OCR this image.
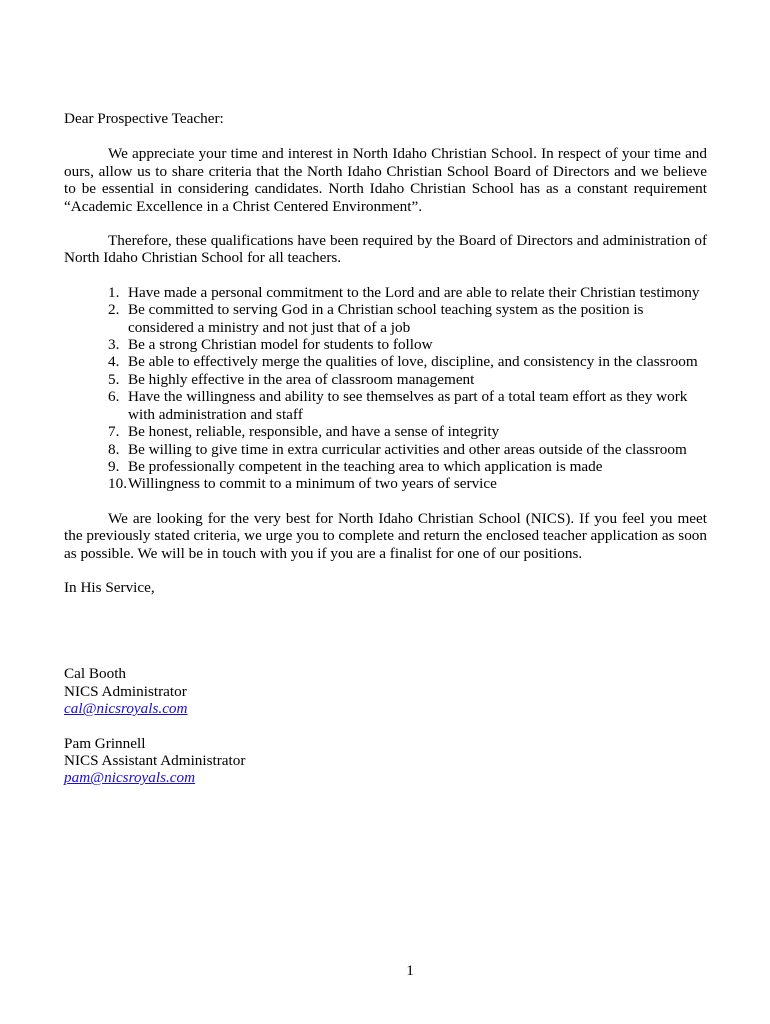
Dear Prospective Teacher:

We appreciate your time and interest in North Idaho Christian School. In respect of your time and ours, allow us to share criteria that the North Idaho Christian School Board of Directors and we believe to be essential in considering candidates. North Idaho Christian School has as a constant requirement “Academic Excellence in a Christ Centered Environment”.

Therefore, these qualifications have been required by the Board of Directors and administration of North Idaho Christian School for all teachers.

1. Have made a personal commitment to the Lord and are able to relate their Christian testimony
2. Be committed to serving God in a Christian school teaching system as the position is considered a ministry and not just that of a job
3. Be a strong Christian model for students to follow
4. Be able to effectively merge the qualities of love, discipline, and consistency in the classroom
5. Be highly effective in the area of classroom management
6. Have the willingness and ability to see themselves as part of a total team effort as they work with administration and staff
7. Be honest, reliable, responsible, and have a sense of integrity
8. Be willing to give time in extra curricular activities and other areas outside of the classroom
9. Be professionally competent in the teaching area to which application is made
10. Willingness to commit to a minimum of two years of service

We are looking for the very best for North Idaho Christian School (NICS). If you feel you meet the previously stated criteria, we urge you to complete and return the enclosed teacher application as soon as possible. We will be in touch with you if you are a finalist for one of our positions.

In His Service,

Cal Booth

NICS Administrator

cal@nicsroyals.com

Pam Grinnell

NICS Assistant Administrator

pam@nicsroyals.com

1
